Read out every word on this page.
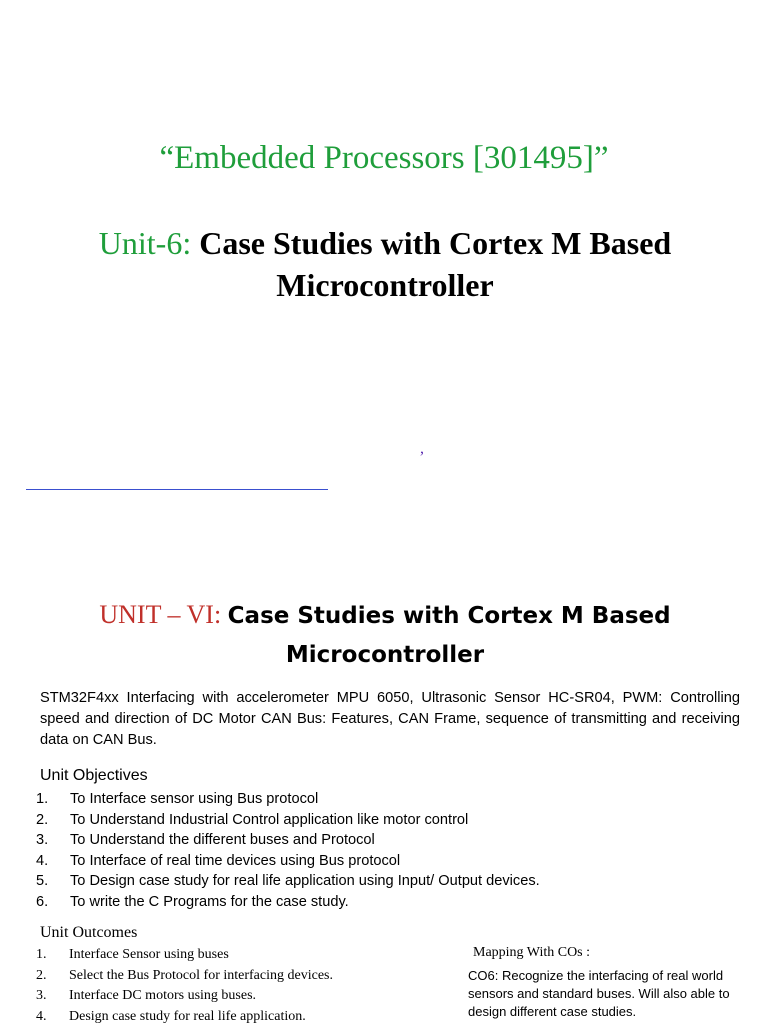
“Embedded Processors [301495]”
Unit-6: Case Studies with Cortex M Based Microcontroller
,
UNIT – VI: Case Studies with Cortex M Based Microcontroller
STM32F4xx Interfacing with accelerometer MPU 6050, Ultrasonic Sensor HC-SR04, PWM: Controlling speed and direction of DC Motor CAN Bus: Features, CAN Frame, sequence of transmitting and receiving data on CAN Bus.
Unit Objectives
1. To Interface sensor using Bus protocol
2. To Understand Industrial Control application like motor control
3. To Understand the different buses and Protocol
4. To Interface of real time devices using Bus protocol
5. To Design case study for real life application using Input/ Output devices.
6. To write the C Programs for the case study.
Unit Outcomes
1. Interface Sensor using buses
2. Select the Bus Protocol for interfacing devices.
3. Interface DC motors using buses.
4. Design case study for real life application.
Mapping With COs :
CO6: Recognize the interfacing of real world sensors and standard buses. Will also able to design different case studies.
